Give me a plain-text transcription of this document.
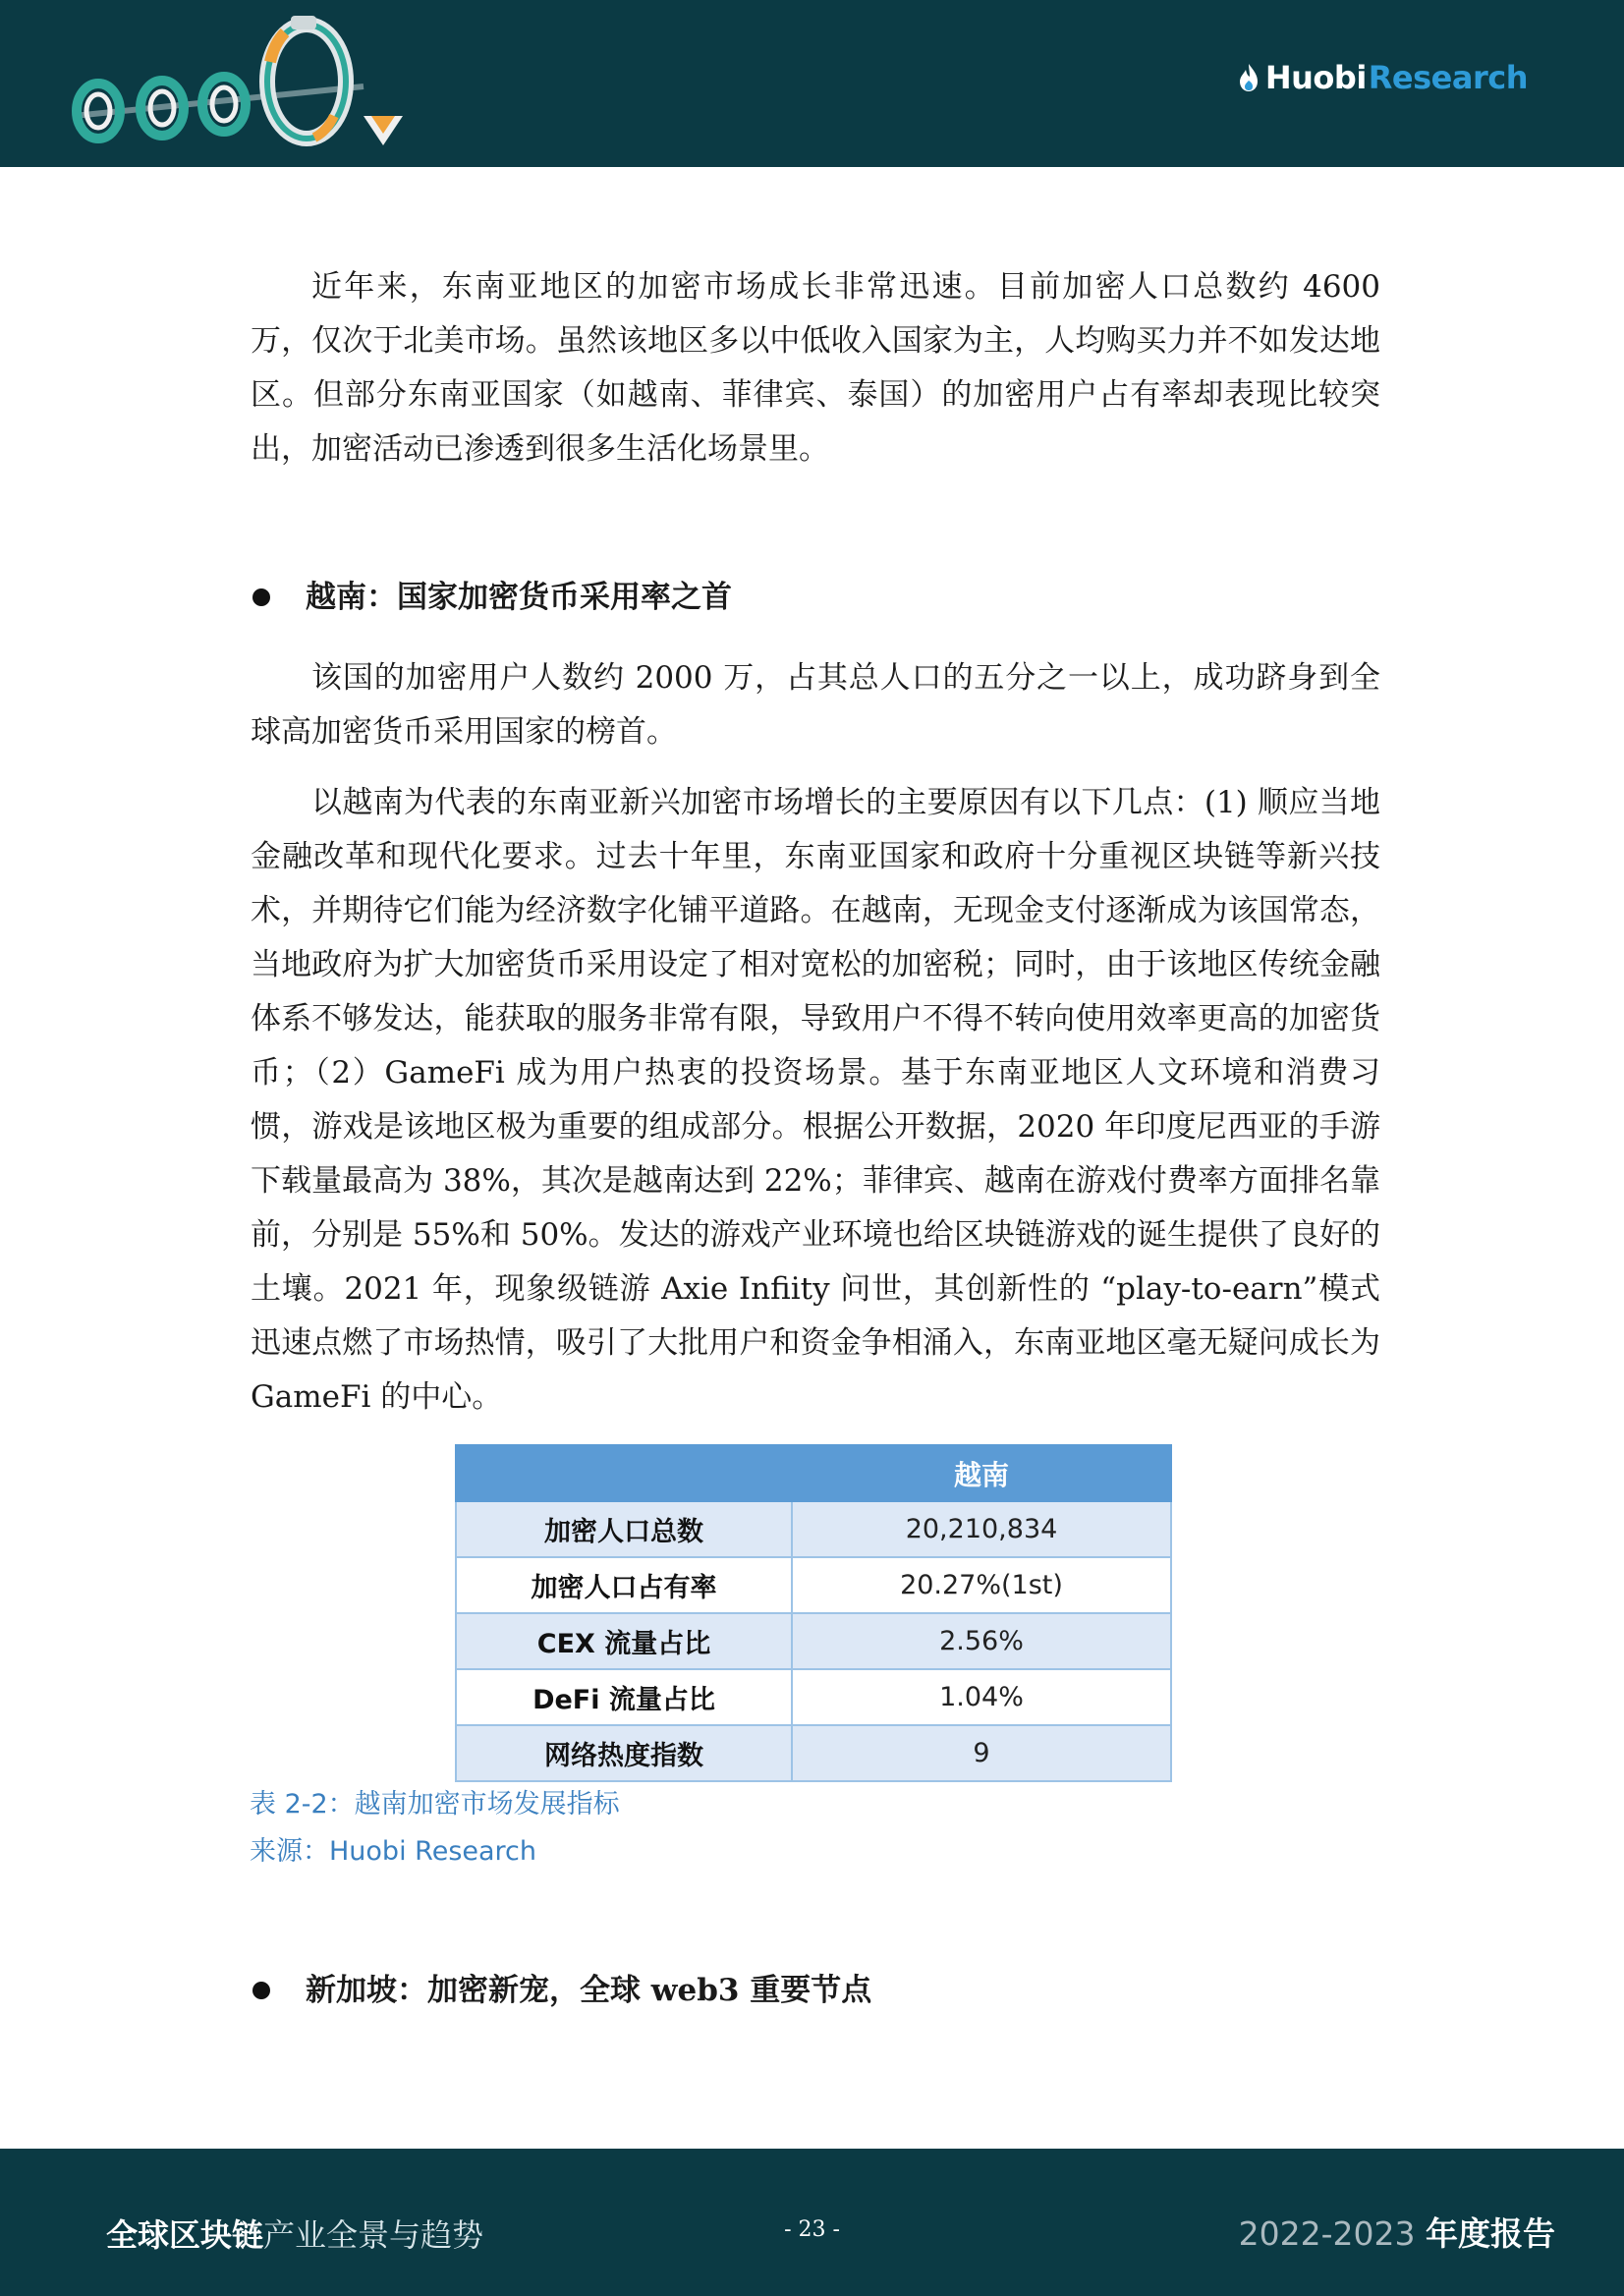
Huobi Research

近年来，东南亚地区的加密市场成长非常迅速。目前加密人口总数约 4600 万，仅次于北美市场。虽然该地区多以中低收入国家为主，人均购买力并不如发达地区。但部分东南亚国家（如越南、菲律宾、泰国）的加密用户占有率却表现比较突出，加密活动已渗透到很多生活化场景里。

越南：国家加密货币采用率之首

该国的加密用户人数约 2000 万，占其总人口的五分之一以上，成功跻身到全球高加密货币采用国家的榜首。

以越南为代表的东南亚新兴加密市场增长的主要原因有以下几点：(1) 顺应当地金融改革和现代化要求。过去十年里，东南亚国家和政府十分重视区块链等新兴技术，并期待它们能为经济数字化铺平道路。在越南，无现金支付逐渐成为该国常态，当地政府为扩大加密货币采用设定了相对宽松的加密税；同时，由于该地区传统金融体系不够发达，能获取的服务非常有限，导致用户不得不转向使用效率更高的加密货币；（2）GameFi 成为用户热衷的投资场景。基于东南亚地区人文环境和消费习惯，游戏是该地区极为重要的组成部分。根据公开数据，2020 年印度尼西亚的手游下载量最高为 38%，其次是越南达到 22%；菲律宾、越南在游戏付费率方面排名靠前，分别是 55%和 50%。发达的游戏产业环境也给区块链游戏的诞生提供了良好的土壤。2021 年，现象级链游 Axie Infiity 问世，其创新性的 “play-to-earn”模式迅速点燃了市场热情，吸引了大批用户和资金争相涌入，东南亚地区毫无疑问成长为 GameFi 的中心。

	越南
加密人口总数	20,210,834
加密人口占有率	20.27%(1st)
CEX 流量占比	2.56%
DeFi 流量占比	1.04%
网络热度指数	9
表 2-2：越南加密市场发展指标
来源：Huobi Research
新加坡：加密新宠，全球 web3 重要节点
全球区块链产业全景与趋势	- 23 -	2022-2023 年度报告
